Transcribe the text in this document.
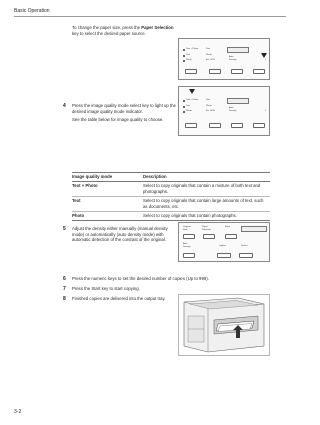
Basic Operation
To change the paper size, press the Paper Selection
key to select the desired paper source.
Text + Photo
Text
Photo
Text
Photo
Ecr OCR
Auto
Density	1
4 Press the image quality mode select key to light up the
desired image quality mode indicator.
See the table below for image quality to choose.
Text + Photo
Text
Photo
Text
Photo
Ecr OCR
Auto
Density	1
Image quality mode	Description
Text + Photo	Select to copy originals that contain a mixture of both text and
photographs.
Text	Select to copy originals that contain large amounts of text, such
as documents, etc.
Photo	Select to copy originals that contain photographs.
5 Adjust the density either manually (manual density
mode) or automatically (auto density mode) with
automatic detection of the contrast of the original.
Original Size
Paper Selection
Enter
Auto Density	Lighter	Darker
6 Press the numeric keys to set the desired number of copies (Up to 999).
7 Press the Start key to start copying.
8 Finished copies are delivered into the output tray.
3-2
